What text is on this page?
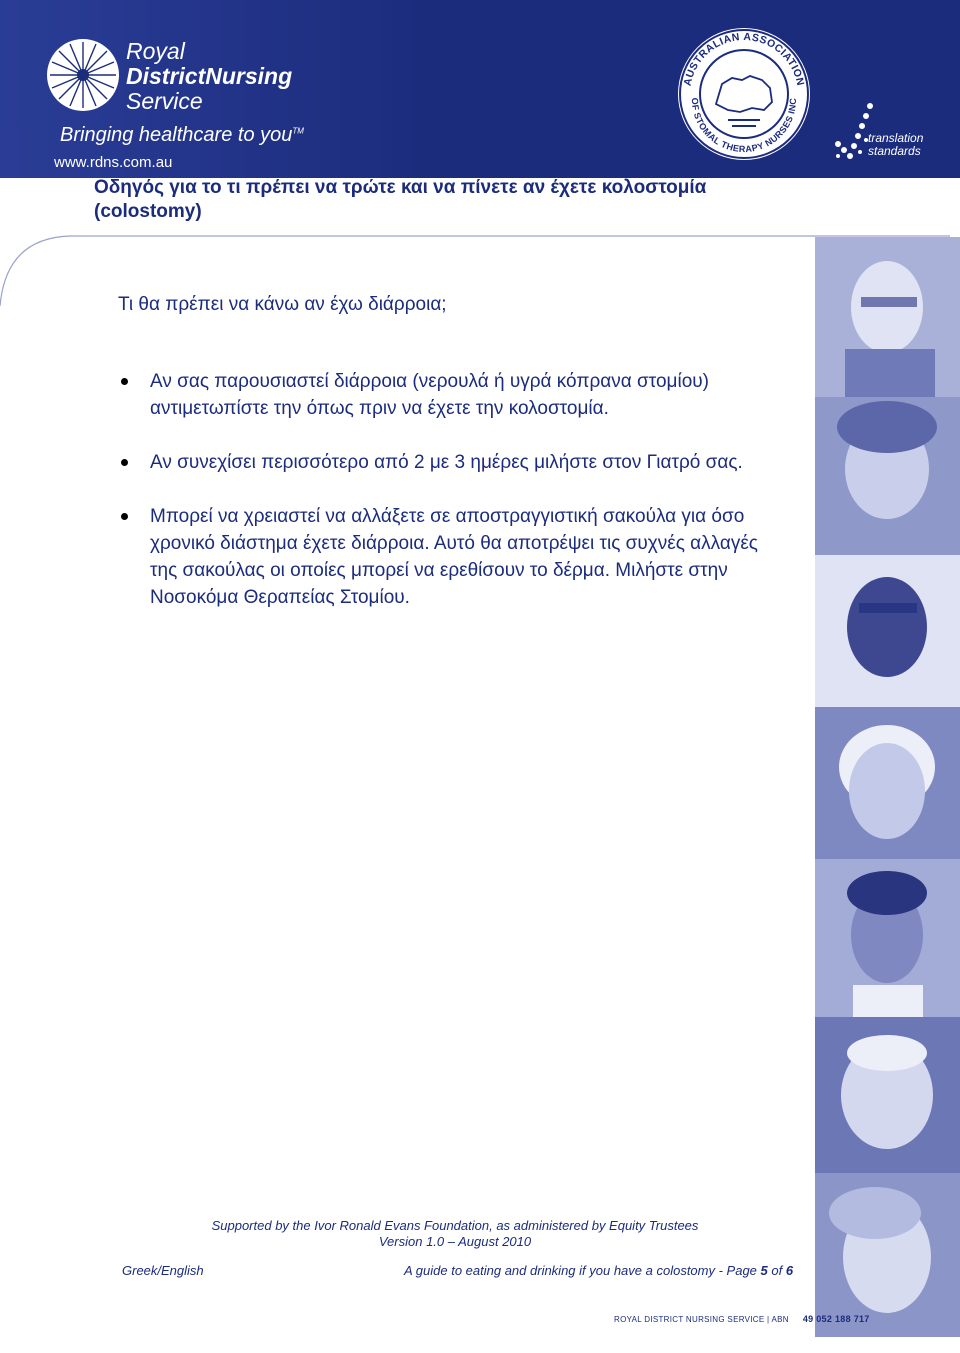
Royal
DistrictNursing
Service
Bringing healthcare to you™
www.rdns.com.au
AUSTRALIAN ASSOCIATION
OF STOMAL THERAPY NURSES INC
translation
standards
Οδηγός για το τι πρέπει να τρώτε και να πίνετε αν έχετε κολοστομία (colostomy)
Τι θα πρέπει να κάνω αν έχω διάρροια;
Αν σας παρουσιαστεί διάρροια (νερουλά ή υγρά κόπρανα στομίου) αντιμετωπίστε την όπως πριν να έχετε την κολοστομία.
Αν συνεχίσει περισσότερο από 2 με 3 ημέρες μιλήστε στον Γιατρό σας.
Μπορεί να χρειαστεί να αλλάξετε σε αποστραγγιστική σακούλα για όσο χρονικό διάστημα έχετε διάρροια. Αυτό θα αποτρέψει τις συχνές αλλαγές της σακούλας οι οποίες μπορεί να ερεθίσουν το δέρμα. Μιλήστε στην Νοσοκόμα Θεραπείας Στομίου.
Supported by the Ivor Ronald Evans Foundation, as administered by Equity Trustees
Version 1.0 – August 2010
Greek/English	A guide to eating and drinking if you have a colostomy - Page 5 of 6
ROYAL DISTRICT NURSING SERVICE | ABN 49 052 188 717
